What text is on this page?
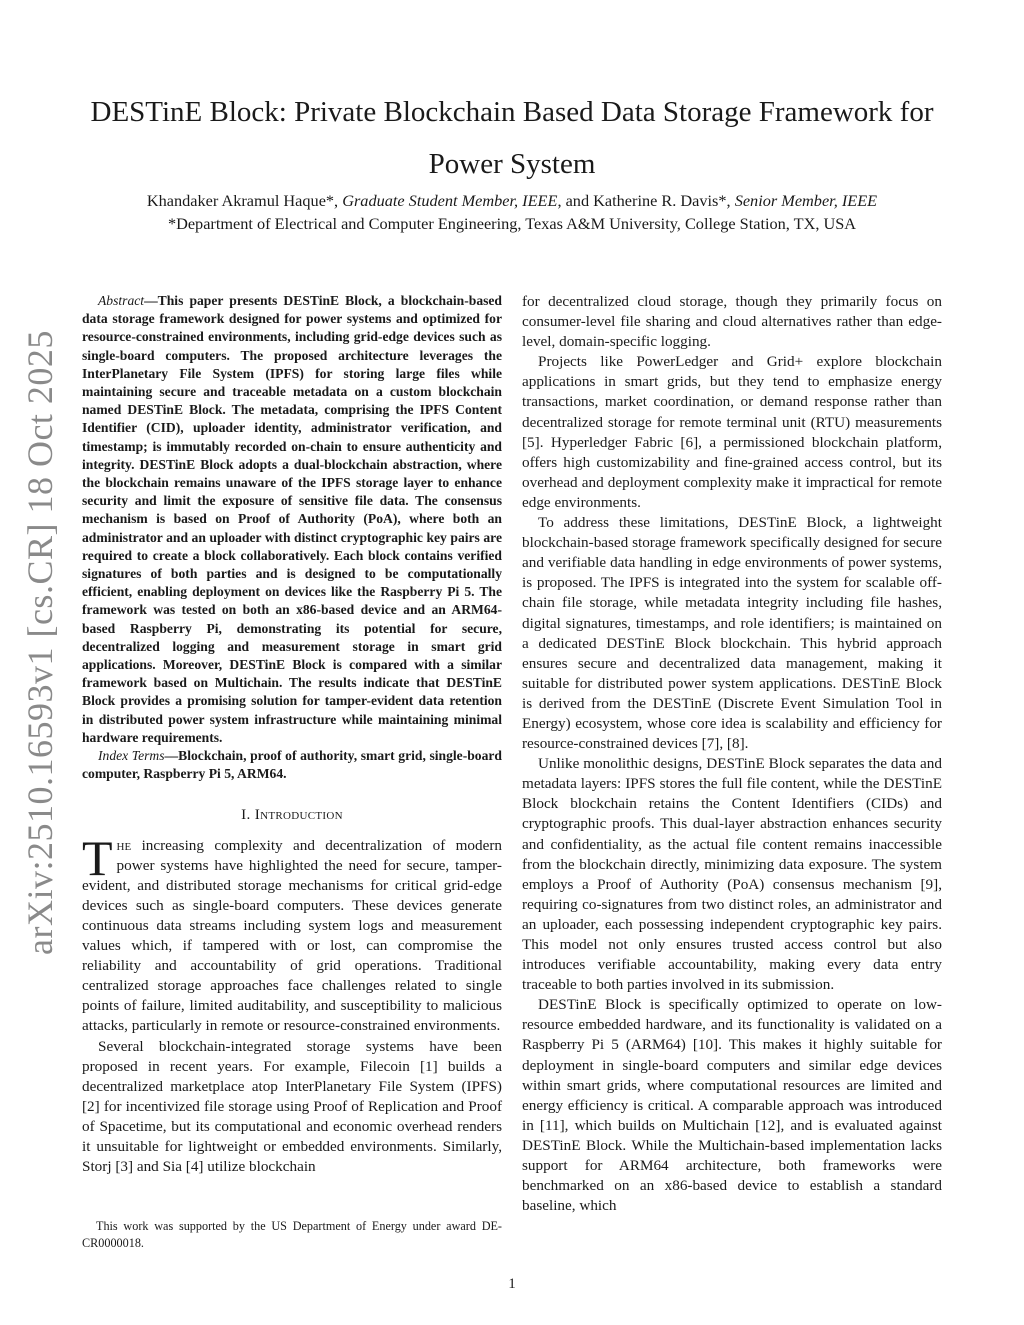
DESTinE Block: Private Blockchain Based Data Storage Framework for Power System
Khandaker Akramul Haque*, Graduate Student Member, IEEE, and Katherine R. Davis*, Senior Member, IEEE
*Department of Electrical and Computer Engineering, Texas A&M University, College Station, TX, USA
arXiv:2510.16593v1 [cs.CR] 18 Oct 2025

Abstract—This paper presents DESTinE Block, a blockchain-based data storage framework designed for power systems and optimized for resource-constrained environments, including grid-edge devices such as single-board computers. The proposed architecture leverages the InterPlanetary File System (IPFS) for storing large files while maintaining secure and traceable metadata on a custom blockchain named DESTinE Block. The metadata, comprising the IPFS Content Identifier (CID), uploader identity, administrator verification, and timestamp; is immutably recorded on-chain to ensure authenticity and integrity. DESTinE Block adopts a dual-blockchain abstraction, where the blockchain remains unaware of the IPFS storage layer to enhance security and limit the exposure of sensitive file data. The consensus mechanism is based on Proof of Authority (PoA), where both an administrator and an uploader with distinct cryptographic key pairs are required to create a block collaboratively. Each block contains verified signatures of both parties and is designed to be computationally efficient, enabling deployment on devices like the Raspberry Pi 5. The framework was tested on both an x86-based device and an ARM64-based Raspberry Pi, demonstrating its potential for secure, decentralized logging and measurement storage in smart grid applications. Moreover, DESTinE Block is compared with a similar framework based on Multichain. The results indicate that DESTinE Block provides a promising solution for tamper-evident data retention in distributed power system infrastructure while maintaining minimal hardware requirements.

Index Terms—Blockchain, proof of authority, smart grid, single-board computer, Raspberry Pi 5, ARM64.

I. Introduction

The increasing complexity and decentralization of modern power systems have highlighted the need for secure, tamper-evident, and distributed storage mechanisms for critical grid-edge devices such as single-board computers. These devices generate continuous data streams including system logs and measurement values which, if tampered with or lost, can compromise the reliability and accountability of grid operations. Traditional centralized storage approaches face challenges related to single points of failure, limited auditability, and susceptibility to malicious attacks, particularly in remote or resource-constrained environments.

Several blockchain-integrated storage systems have been proposed in recent years. For example, Filecoin [1] builds a decentralized marketplace atop InterPlanetary File System (IPFS) [2] for incentivized file storage using Proof of Replication and Proof of Spacetime, but its computational and economic overhead renders it unsuitable for lightweight or embedded environments. Similarly, Storj [3] and Sia [4] utilize blockchain

for decentralized cloud storage, though they primarily focus on consumer-level file sharing and cloud alternatives rather than edge-level, domain-specific logging.

Projects like PowerLedger and Grid+ explore blockchain applications in smart grids, but they tend to emphasize energy transactions, market coordination, or demand response rather than decentralized storage for remote terminal unit (RTU) measurements [5]. Hyperledger Fabric [6], a permissioned blockchain platform, offers high customizability and fine-grained access control, but its overhead and deployment complexity make it impractical for remote edge environments.

To address these limitations, DESTinE Block, a lightweight blockchain-based storage framework specifically designed for secure and verifiable data handling in edge environments of power systems, is proposed. The IPFS is integrated into the system for scalable off-chain file storage, while metadata integrity including file hashes, digital signatures, timestamps, and role identifiers; is maintained on a dedicated DESTinE Block blockchain. This hybrid approach ensures secure and decentralized data management, making it suitable for distributed power system applications. DESTinE Block is derived from the DESTinE (Discrete Event Simulation Tool in Energy) ecosystem, whose core idea is scalability and efficiency for resource-constrained devices [7], [8].

Unlike monolithic designs, DESTinE Block separates the data and metadata layers: IPFS stores the full file content, while the DESTinE Block blockchain retains the Content Identifiers (CIDs) and cryptographic proofs. This dual-layer abstraction enhances security and confidentiality, as the actual file content remains inaccessible from the blockchain directly, minimizing data exposure. The system employs a Proof of Authority (PoA) consensus mechanism [9], requiring co-signatures from two distinct roles, an administrator and an uploader, each possessing independent cryptographic key pairs. This model not only ensures trusted access control but also introduces verifiable accountability, making every data entry traceable to both parties involved in its submission.

DESTinE Block is specifically optimized to operate on low-resource embedded hardware, and its functionality is validated on a Raspberry Pi 5 (ARM64) [10]. This makes it highly suitable for deployment in single-board computers and similar edge devices within smart grids, where computational resources are limited and energy efficiency is critical. A comparable approach was introduced in [11], which builds on Multichain [12], and is evaluated against DESTinE Block. While the Multichain-based implementation lacks support for ARM64 architecture, both frameworks were benchmarked on an x86-based device to establish a standard baseline, which

This work was supported by the US Department of Energy under award DE-CR0000018.
1
